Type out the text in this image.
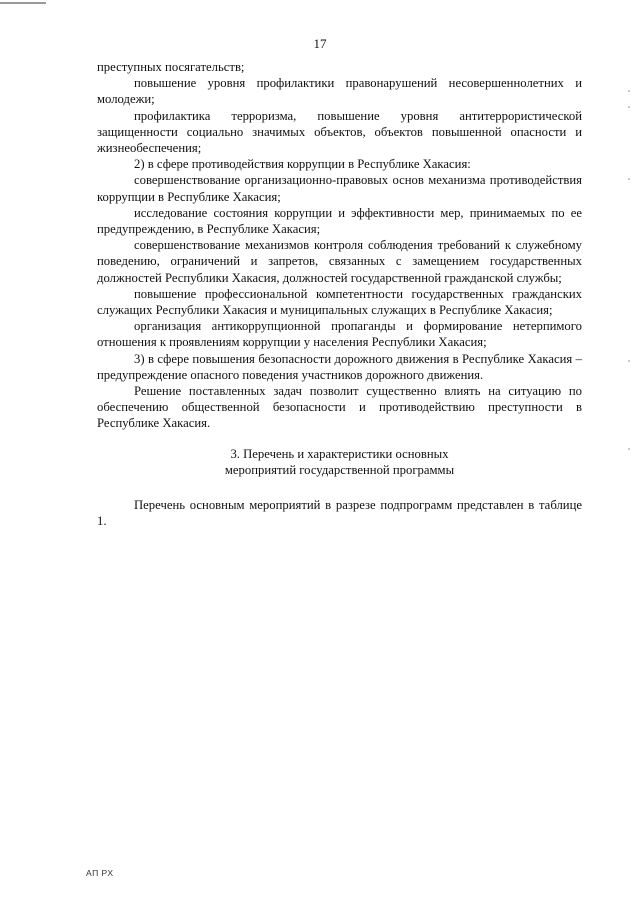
17

преступных посягательств;

повышение уровня профилактики правонарушений несовершеннолетних и молодежи;

профилактика терроризма, повышение уровня антитеррористической защищенности социально значимых объектов, объектов повышенной опасности и жизнеобеспечения;

2) в сфере противодействия коррупции в Республике Хакасия:

совершенствование организационно-правовых основ механизма противодействия коррупции в Республике Хакасия;

исследование состояния коррупции и эффективности мер, принимаемых по ее предупреждению, в Республике Хакасия;

совершенствование механизмов контроля соблюдения требований к служебному поведению, ограничений и запретов, связанных с замещением государственных должностей Республики Хакасия, должностей государственной гражданской службы;

повышение профессиональной компетентности государственных гражданских служащих Республики Хакасия и муниципальных служащих в Республике Хакасия;

организация антикоррупционной пропаганды и формирование нетерпимого отношения к проявлениям коррупции у населения Республики Хакасия;

3) в сфере повышения безопасности дорожного движения в Республике Хакасия – предупреждение опасного поведения участников дорожного движения.

Решение поставленных задач позволит существенно влиять на ситуацию по обеспечению общественной безопасности и противодействию преступности в Республике Хакасия.

3. Перечень и характеристики основных
мероприятий государственной программы

Перечень основным мероприятий в разрезе подпрограмм представлен в таблице 1.

АП РХ
